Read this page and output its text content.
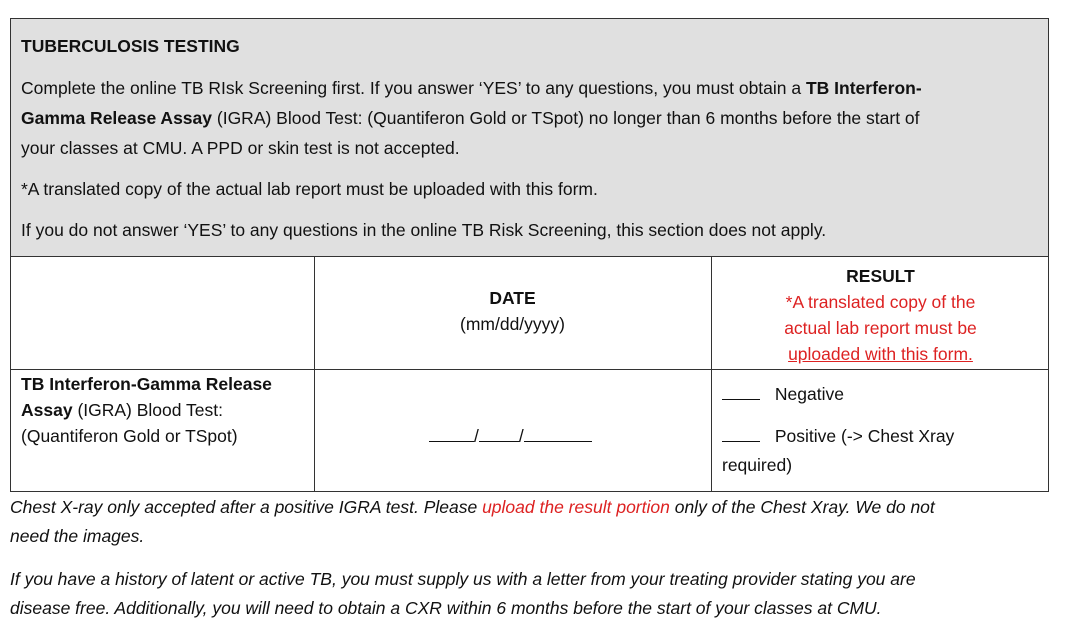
TUBERCULOSIS TESTING
Complete the online TB RIsk Screening first. If you answer ‘YES’ to any questions, you must obtain a TB Interferon-
Gamma Release Assay (IGRA) Blood Test: (Quantiferon Gold or TSpot) no longer than 6 months before the start of
your classes at CMU. A PPD or skin test is not accepted.
*A translated copy of the actual lab report must be uploaded with this form.
If you do not answer ‘YES’ to any questions in the online TB Risk Screening, this section does not apply.
DATE
(mm/dd/yyyy)
RESULT
*A translated copy of the
actual lab report must be
uploaded with this form.
TB Interferon-Gamma Release
Assay (IGRA) Blood Test:
(Quantiferon Gold or TSpot)	/ /
Negative
Positive (-> Chest Xray
required)
Chest X-ray only accepted after a positive IGRA test. Please upload the result portion only of the Chest Xray. We do not
need the images.
If you have a history of latent or active TB, you must supply us with a letter from your treating provider stating you are
disease free. Additionally, you will need to obtain a CXR within 6 months before the start of your classes at CMU.
